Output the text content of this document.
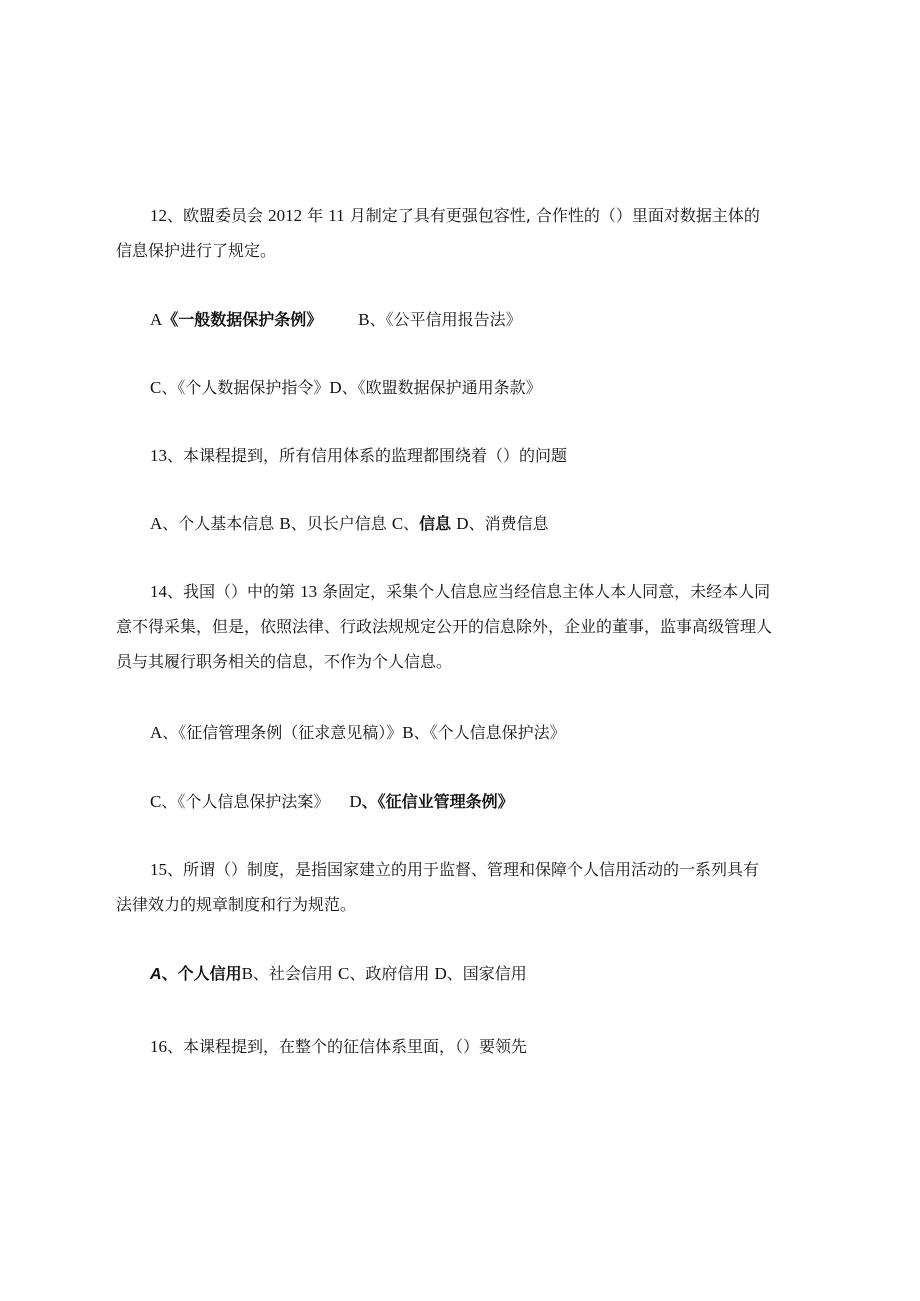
12、欧盟委员会 2012 年 11 月制定了具有更强包容性, 合作性的（）里面对数据主体的
信息保护进行了规定。
A《一般数据保护条例》 B、《公平信用报告法》
C、《个人数据保护指令》D、《欧盟数据保护通用条款》
13、本课程提到，所有信用体系的监理都围绕着（）的问题
A、个人基本信息 B、贝长户信息 C、信息 D、消费信息
14、我国（）中的第 13 条固定，采集个人信息应当经信息主体人本人同意，未经本人同
意不得采集，但是，依照法律、行政法规规定公开的信息除外，企业的董事，监事高级管理人
员与其履行职务相关的信息，不作为个人信息。
A、《征信管理条例（征求意见稿）》B、《个人信息保护法》
C、《个人信息保护法案》 D、《征信业管理条例》
15、所谓（）制度，是指国家建立的用于监督、管理和保障个人信用活动的一系列具有
法律效力的规章制度和行为规范。
A、个人信用B、社会信用 C、政府信用 D、国家信用
16、本课程提到，在整个的征信体系里面，（）要领先
